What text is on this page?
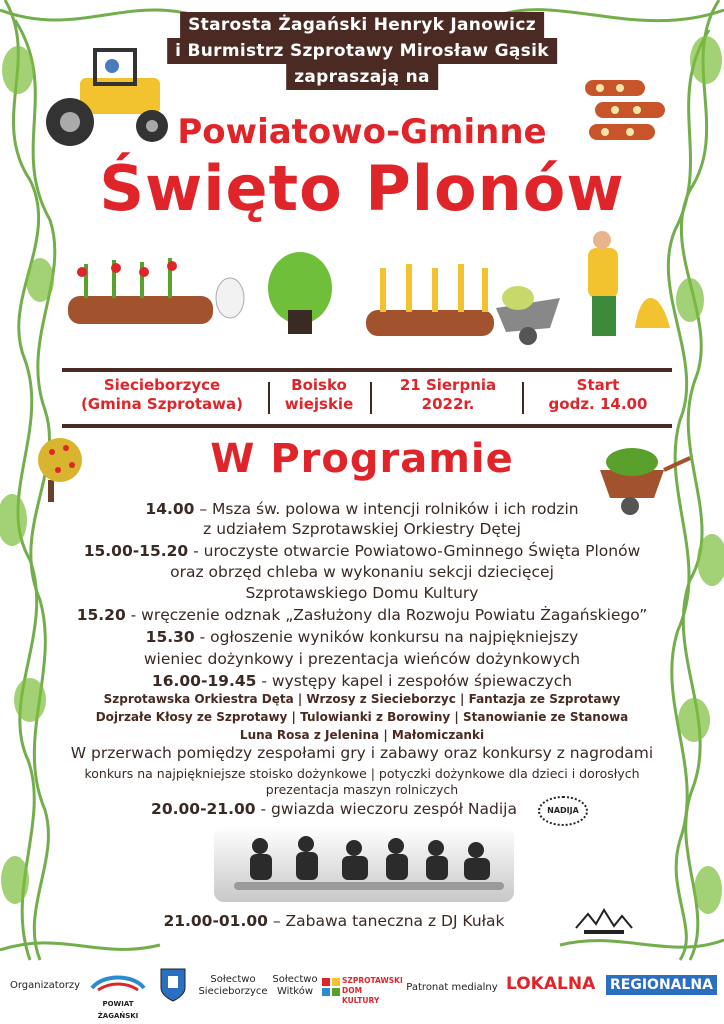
Starosta Żagański Henryk Janowicz
i Burmistrz Szprotawy Mirosław Gąsik
zapraszają na
Powiatowo-Gminne
Święto Plonów
Siecieborzyce
(Gmina Szprotawa)
Boisko
wiejskie
21 Sierpnia
2022r.
Start
godz. 14.00
W Programie
14.00 – Msza św. polowa w intencji rolników i ich rodzin
z udziałem Szprotawskiej Orkiestry Dętej
15.00-15.20 - uroczyste otwarcie Powiatowo-Gminnego Święta Plonów
oraz obrzęd chleba w wykonaniu sekcji dziecięcej
Szprotawskiego Domu Kultury
15.20 - wręczenie odznak „Zasłużony dla Rozwoju Powiatu Żagańskiego”
15.30 - ogłoszenie wyników konkursu na najpiękniejszy
wieniec dożynkowy i prezentacja wieńców dożynkowych
16.00-19.45 - występy kapel i zespołów śpiewaczych
Szprotawska Orkiestra Dęta | Wrzosy z Siecieborzyc | Fantazja ze Szprotawy
Dojrzałe Kłosy ze Szprotawy | Tulowianki z Borowiny | Stanowianie ze Stanowa
Luna Rosa z Jelenina | Małomiczanki
W przerwach pomiędzy zespołami gry i zabawy oraz konkursy z nagrodami
konkurs na najpiękniejsze stoisko dożynkowe | potyczki dożynkowe dla dzieci i dorosłych
prezentacja maszyn rolniczych
20.00-21.00 - gwiazda wieczoru zespół Nadija	NADIJA
21.00-01.00 – Zabawa taneczna z DJ Kułak
Organizatorzy
POWIAT ŻAGAŃSKI
Sołectwo
Siecieborzyce
Sołectwo
Witków
SZPROTAWSKI
DOM KULTURY
Patronat medialny LOKALNA REGIONALNA
